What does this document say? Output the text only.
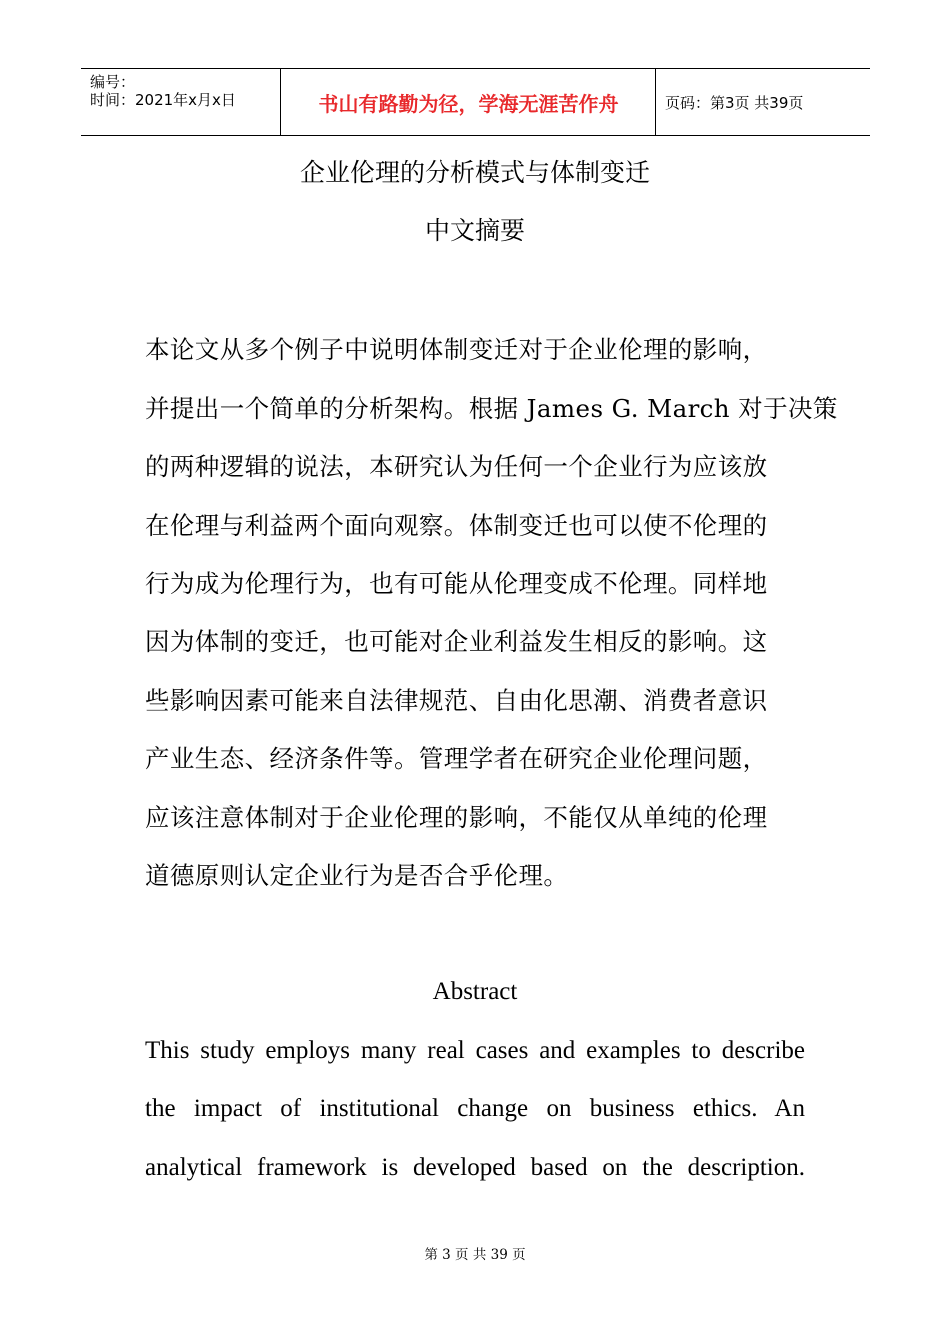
编号：
时间：2021年x月x日	书山有路勤为径，学海无涯苦作舟	页码：第3页 共39页
企业伦理的分析模式与体制变迁
中文摘要
本论文从多个例子中说明体制变迁对于企业伦理的影响，
并提出一个简单的分析架构。根据 James G. March 对于决策
的两种逻辑的说法，本研究认为任何一个企业行为应该放
在伦理与利益两个面向观察。体制变迁也可以使不伦理的
行为成为伦理行为，也有可能从伦理变成不伦理。同样地
因为体制的变迁，也可能对企业利益发生相反的影响。这
些影响因素可能来自法律规范、自由化思潮、消费者意识
产业生态、经济条件等。管理学者在研究企业伦理问题，
应该注意体制对于企业伦理的影响，不能仅从单纯的伦理
道德原则认定企业行为是否合乎伦理。
Abstract
This study employs many real cases and examples to describe
the impact of institutional change on business ethics. An
analytical framework is developed based on the description.
第 3 页 共 39 页
